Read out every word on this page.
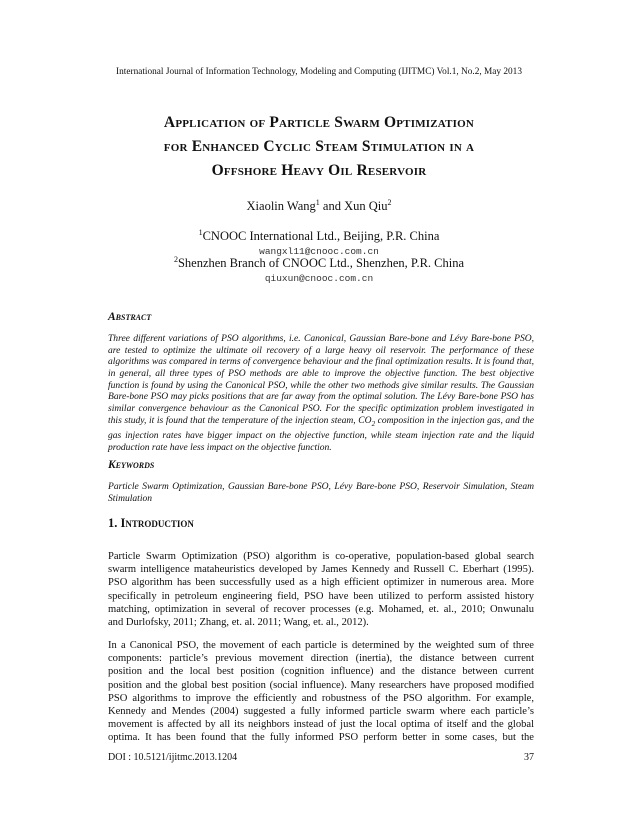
International Journal of Information Technology, Modeling and Computing (IJITMC) Vol.1, No.2, May 2013
Application of Particle Swarm Optimization
for Enhanced Cyclic Steam Stimulation in a
Offshore Heavy Oil Reservoir
Xiaolin Wang$^1$ and Xun Qiu$^2$
$^1$CNOOC International Ltd., Beijing, P.R. China
wangxl11@cnooc.com.cn
$^2$Shenzhen Branch of CNOOC Ltd., Shenzhen, P.R. China
qiuxun@cnooc.com.cn
Abstract
Three different variations of PSO algorithms, i.e. Canonical, Gaussian Bare-bone and Lévy Bare-bone PSO, are tested to optimize the ultimate oil recovery of a large heavy oil reservoir. The performance of these algorithms was compared in terms of convergence behaviour and the final optimization results. It is found that, in general, all three types of PSO methods are able to improve the objective function. The best objective function is found by using the Canonical PSO, while the other two methods give similar results. The Gaussian Bare-bone PSO may picks positions that are far away from the optimal solution. The Lévy Bare-bone PSO has similar convergence behaviour as the Canonical PSO. For the specific optimization problem investigated in this study, it is found that the temperature of the injection steam, $CO_2$ composition in the injection gas, and the gas injection rates have bigger impact on the objective function, while steam injection rate and the liquid production rate have less impact on the objective function.
Keywords
Particle Swarm Optimization, Gaussian Bare-bone PSO, Lévy Bare-bone PSO, Reservoir Simulation, Steam Stimulation
1. Introduction
Particle Swarm Optimization (PSO) algorithm is co-operative, population-based global search
swarm intelligence mataheuristics developed by James Kennedy and Russell C. Eberhart (1995).
PSO algorithm has been successfully used as a high efficient optimizer in numerous area. More
specifically in petroleum engineering field, PSO have been utilized to perform assisted history
matching, optimization in several of recover processes (e.g. Mohamed, et. al., 2010; Onwunalu
and Durlofsky, 2011; Zhang, et. al. 2011; Wang, et. al., 2012).
In a Canonical PSO, the movement of each particle is determined by the weighted sum of three
components: particle’s previous movement direction (inertia), the distance between current
position and the local best position (cognition influence) and the distance between current
position and the global best position (social influence). Many researchers have proposed modified
PSO algorithms to improve the efficiently and robustness of the PSO algorithm. For example,
Kennedy and Mendes (2004) suggested a fully informed particle swarm where each particle’s
movement is affected by all its neighbors instead of just the local optima of itself and the global
optima. It has been found that the fully informed PSO perform better in some cases, but the
DOI : 10.5121/ijitmc.2013.1204	37
